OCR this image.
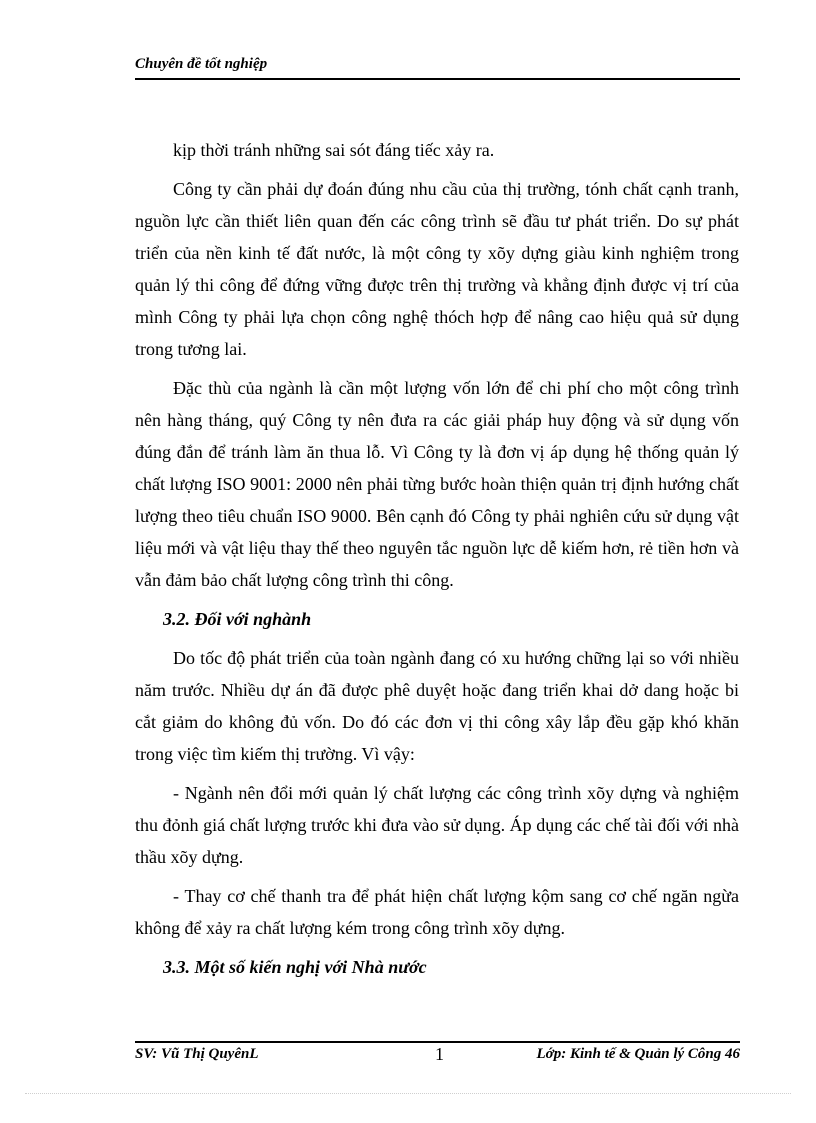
Chuyên đề tốt nghiệp

kịp thời tránh những sai sót đáng tiếc xảy ra.

Công ty cần phải dự đoán đúng nhu cầu của thị trường, tónh chất cạnh tranh, nguồn lực cần thiết liên quan đến các công trình sẽ đầu tư phát triển. Do sự phát triển của nền kinh tế đất nước, là một công ty xõy dựng giàu kinh nghiệm trong quản lý thi công để đứng vững được trên thị trường và khẳng định được vị trí của mình Công ty phải lựa chọn công nghệ thóch hợp để nâng cao hiệu quả sử dụng trong tương lai.

Đặc thù của ngành là cần một lượng vốn lớn để chi phí cho một công trình nên hàng tháng, quý Công ty nên đưa ra các giải pháp huy động và sử dụng vốn đúng đắn để tránh làm ăn thua lỗ. Vì Công ty là đơn vị áp dụng hệ thống quản lý chất lượng ISO 9001: 2000 nên phải từng bước hoàn thiện quản trị định hướng chất lượng theo tiêu chuẩn ISO 9000. Bên cạnh đó Công ty phải nghiên cứu sử dụng vật liệu mới và vật liệu thay thế theo nguyên tắc nguồn lực dễ kiếm hơn, rẻ tiền hơn và vẫn đảm bảo chất lượng công trình thi công.

3.2. Đối với nghành

Do tốc độ phát triển của toàn ngành đang có xu hướng chững lại so với nhiều năm trước. Nhiều dự án đã được phê duyệt hoặc đang triển khai dở dang hoặc bi cắt giảm do không đủ vốn. Do đó các đơn vị thi công xây lắp đều gặp khó khăn trong việc tìm kiếm thị trường. Vì vậy:

- Ngành nên đổi mới quản lý chất lượng các công trình xõy dựng và nghiệm thu đỏnh giá chất lượng trước khi đưa vào sử dụng. Áp dụng các chế tài đối với nhà thầu xõy dựng.

- Thay cơ chế thanh tra để phát hiện chất lượng kộm sang cơ chế ngăn ngừa không để xảy ra chất lượng kém trong công trình xõy dựng.

3.3. Một số kiến nghị với Nhà nước

SV: Vũ Thị QuyênL	1	Lớp: Kinh tế & Quản lý Công 46
